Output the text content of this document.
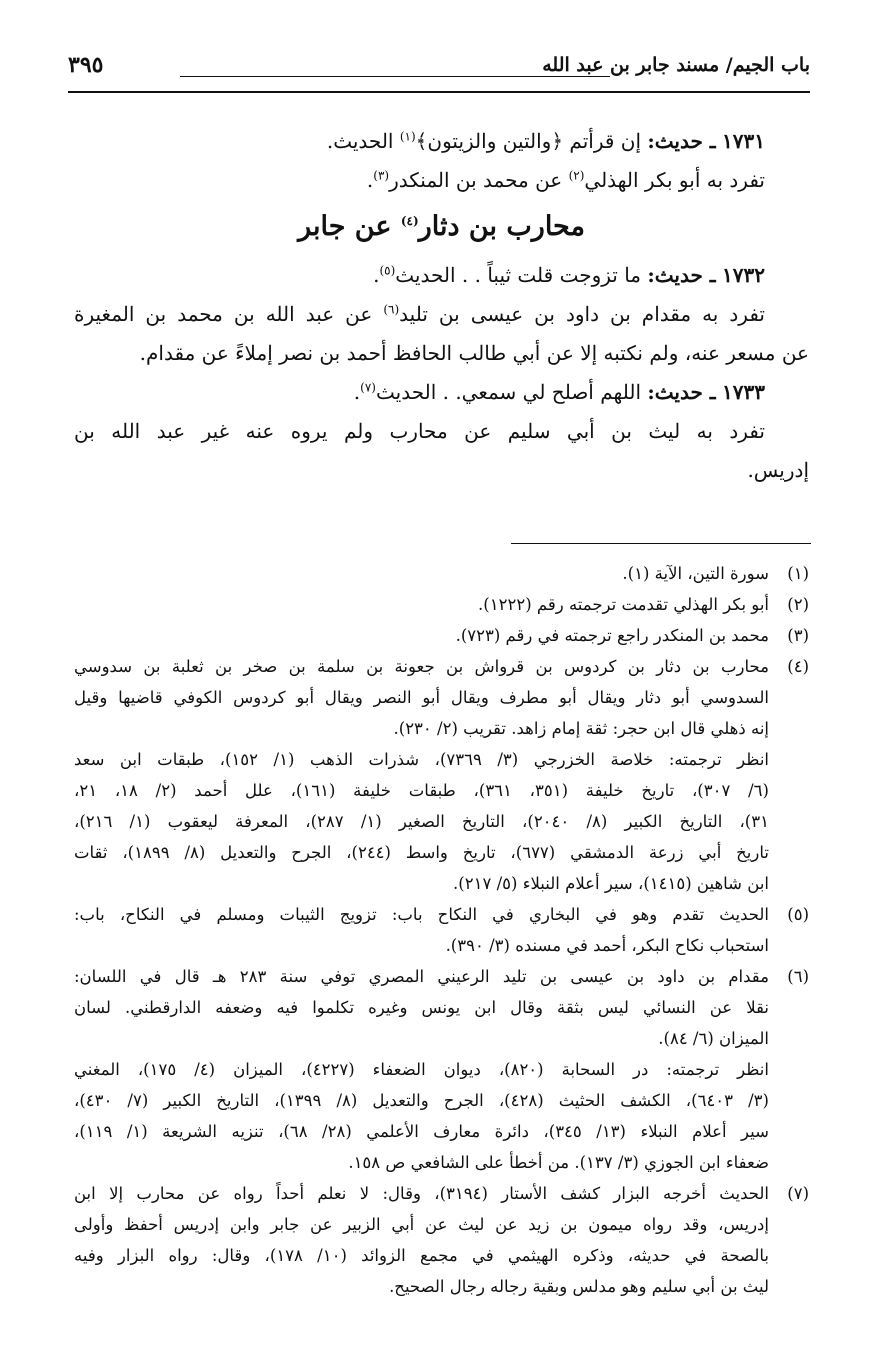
باب الجيم/ مسند جابر بن عبد الله
٣٩٥
١٧٣١ ـ حديث: إن قرأتم ﴿والتين والزيتون﴾$^{(١)}$ الحديث.
تفرد به أبو بكر الهذلي$^{(٢)}$ عن محمد بن المنكدر$^{(٣)}$.
محارب بن دثار$^{(٤)}$ عن جابر
١٧٣٢ ـ حديث: ما تزوجت قلت ثيباً . . الحديث$^{(٥)}$.
تفرد به مقدام بن داود بن عيسى بن تليد$^{(٦)}$ عن عبد الله بن محمد بن المغيرة
عن مسعر عنه، ولم نكتبه إلا عن أبي طالب الحافظ أحمد بن نصر إملاءً عن مقدام.
١٧٣٣ ـ حديث: اللهم أصلح لي سمعي. . الحديث$^{(٧)}$.
تفرد به ليث بن أبي سليم عن محارب ولم يروه عنه غير عبد الله بن
إدريس.
(١)
سورة التين، الآية (١).
(٢)
أبو بكر الهذلي تقدمت ترجمته رقم (١٢٢٢).
(٣)
محمد بن المنكدر راجع ترجمته في رقم (٧٢٣).
(٤)
محارب بن دثار بن كردوس بن قرواش بن جعونة بن سلمة بن صخر بن ثعلبة بن سدوسي
السدوسي أبو دثار ويقال أبو مطرف ويقال أبو النصر ويقال أبو كردوس الكوفي قاضيها وقيل
إنه ذهلي قال ابن حجر: ثقة إمام زاهد. تقريب (٢/ ٢٣٠).
انظر ترجمته: خلاصة الخزرجي (٣/ ٧٣٦٩)، شذرات الذهب (١/ ١٥٢)، طبقات ابن سعد
(٦/ ٣٠٧)، تاريخ خليفة (٣٥١، ٣٦١)، طبقات خليفة (١٦١)، علل أحمد (٢/ ١٨، ٢١،
٣١)، التاريخ الكبير (٨/ ٢٠٤٠)، التاريخ الصغير (١/ ٢٨٧)، المعرفة ليعقوب (١/ ٢١٦)،
تاريخ أبي زرعة الدمشقي (٦٧٧)، تاريخ واسط (٢٤٤)، الجرح والتعديل (٨/ ١٨٩٩)، ثقات
ابن شاهين (١٤١٥)، سير أعلام النبلاء (٥/ ٢١٧).
(٥)
الحديث تقدم وهو في البخاري في النكاح باب: تزويج الثيبات ومسلم في النكاح، باب:
استحباب نكاح البكر، أحمد في مسنده (٣/ ٣٩٠).
(٦)
مقدام بن داود بن عيسى بن تليد الرعيني المصري توفي سنة ٢٨٣ هـ قال في اللسان:
نقلا عن النسائي ليس بثقة وقال ابن يونس وغيره تكلموا فيه وضعفه الدارقطني. لسان
الميزان (٦/ ٨٤).
انظر ترجمته: در السحابة (٨٢٠)، ديوان الضعفاء (٤٢٢٧)، الميزان (٤/ ١٧٥)، المغني
(٣/ ٦٤٠٣)، الكشف الحثيث (٤٢٨)، الجرح والتعديل (٨/ ١٣٩٩)، التاريخ الكبير (٧/ ٤٣٠)،
سير أعلام النبلاء (١٣/ ٣٤٥)، دائرة معارف الأعلمي (٢٨/ ٦٨)، تنزيه الشريعة (١/ ١١٩)،
ضعفاء ابن الجوزي (٣/ ١٣٧). من أخطأ على الشافعي ص ١٥٨.
(٧)
الحديث أخرجه البزار كشف الأستار (٣١٩٤)، وقال: لا نعلم أحداً رواه عن محارب إلا ابن
إدريس، وقد رواه ميمون بن زيد عن ليث عن أبي الزبير عن جابر وابن إدريس أحفظ وأولى
بالصحة في حديثه، وذكره الهيثمي في مجمع الزوائد (١٠/ ١٧٨)، وقال: رواه البزار وفيه
ليث بن أبي سليم وهو مدلس وبقية رجاله رجال الصحيح.
